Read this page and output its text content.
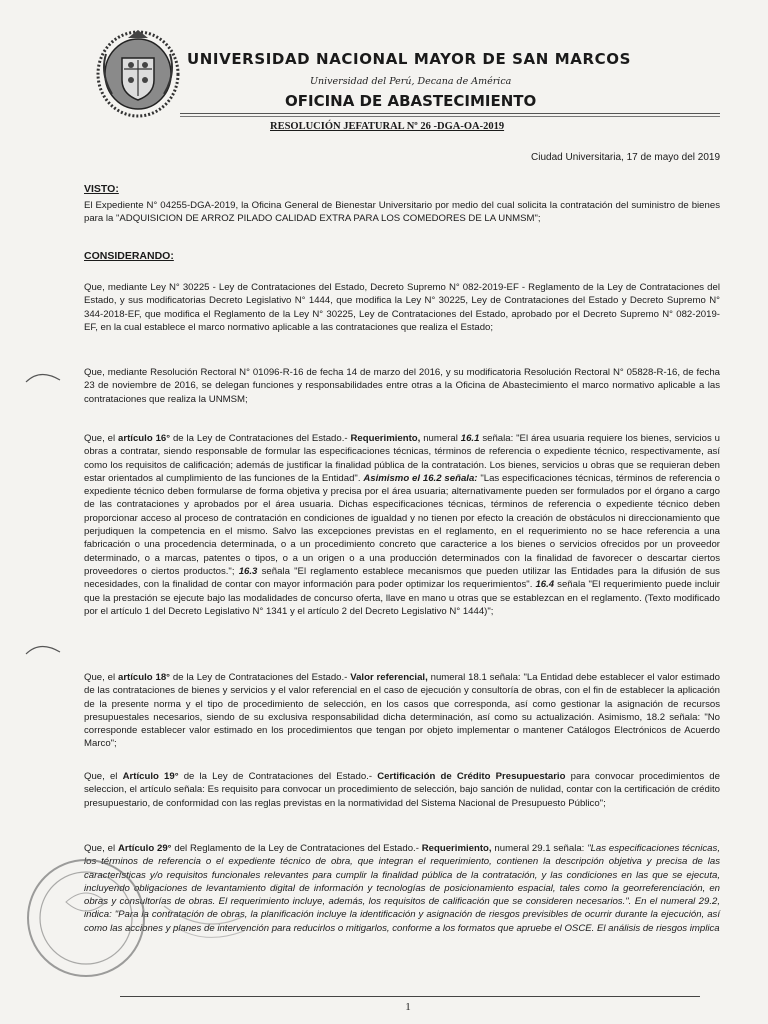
UNIVERSIDAD NACIONAL MAYOR DE SAN MARCOS
Universidad del Perú, Decana de América
OFICINA DE ABASTECIMIENTO
RESOLUCIÓN JEFATURAL Nº 26 -DGA-OA-2019
Ciudad Universitaria, 17 de mayo del 2019
VISTO:
El Expediente N° 04255-DGA-2019, la Oficina General de Bienestar Universitario por medio del cual solicita la contratación del suministro de bienes para la "ADQUISICION DE ARROZ PILADO CALIDAD EXTRA PARA LOS COMEDORES DE LA UNMSM";
CONSIDERANDO:
Que, mediante Ley N° 30225 - Ley de Contrataciones del Estado, Decreto Supremo N° 082-2019-EF - Reglamento de la Ley de Contrataciones del Estado, y sus modificatorias Decreto Legislativo N° 1444, que modifica la Ley N° 30225, Ley de Contrataciones del Estado y Decreto Supremo N° 344-2018-EF, que modifica el Reglamento de la Ley N° 30225, Ley de Contrataciones del Estado, aprobado por el Decreto Supremo N° 082-2019-EF, en la cual establece el marco normativo aplicable a las contrataciones que realiza el Estado;
Que, mediante Resolución Rectoral N° 01096-R-16 de fecha 14 de marzo del 2016, y su modificatoria Resolución Rectoral N° 05828-R-16, de fecha 23 de noviembre de 2016, se delegan funciones y responsabilidades entre otras a la Oficina de Abastecimiento el marco normativo aplicable a las contrataciones que realiza la UNMSM;
Que, el artículo 16° de la Ley de Contrataciones del Estado.- Requerimiento, numeral 16.1 señala: "El área usuaria requiere los bienes, servicios u obras a contratar, siendo responsable de formular las especificaciones técnicas, términos de referencia o expediente técnico, respectivamente, así como los requisitos de calificación; además de justificar la finalidad pública de la contratación. Los bienes, servicios u obras que se requieran deben estar orientados al cumplimiento de las funciones de la Entidad". Asimismo el 16.2 señala: "Las especificaciones técnicas, términos de referencia o expediente técnico deben formularse de forma objetiva y precisa por el área usuaria; alternativamente pueden ser formulados por el órgano a cargo de las contrataciones y aprobados por el área usuaria. Dichas especificaciones técnicas, términos de referencia o expediente técnico deben proporcionar acceso al proceso de contratación en condiciones de igualdad y no tienen por efecto la creación de obstáculos ni direccionamiento que perjudiquen la competencia en el mismo. Salvo las excepciones previstas en el reglamento, en el requerimiento no se hace referencia a una fabricación o una procedencia determinada, o a un procedimiento concreto que caracterice a los bienes o servicios ofrecidos por un proveedor determinado, o a marcas, patentes o tipos, o a un origen o a una producción determinados con la finalidad de favorecer o descartar ciertos proveedores o ciertos productos."; 16.3 señala "El reglamento establece mecanismos que pueden utilizar las Entidades para la difusión de sus necesidades, con la finalidad de contar con mayor información para poder optimizar los requerimientos". 16.4 señala "El requerimiento puede incluir que la prestación se ejecute bajo las modalidades de concurso oferta, llave en mano u otras que se establezcan en el reglamento. (Texto modificado por el artículo 1 del Decreto Legislativo N° 1341 y el artículo 2 del Decreto Legislativo N° 1444)";
Que, el artículo 18° de la Ley de Contrataciones del Estado.- Valor referencial, numeral 18.1 señala: "La Entidad debe establecer el valor estimado de las contrataciones de bienes y servicios y el valor referencial en el caso de ejecución y consultoría de obras, con el fin de establecer la aplicación de la presente norma y el tipo de procedimiento de selección, en los casos que corresponda, así como gestionar la asignación de recursos presupuestales necesarios, siendo de su exclusiva responsabilidad dicha determinación, así como su actualización. Asimismo, 18.2 señala: "No corresponde establecer valor estimado en los procedimientos que tengan por objeto implementar o mantener Catálogos Electrónicos de Acuerdo Marco";
Que, el Artículo 19° de la Ley de Contrataciones del Estado.- Certificación de Crédito Presupuestario para convocar procedimientos de seleccion, el artículo señala: Es requisito para convocar un procedimiento de selección, bajo sanción de nulidad, contar con la certificación de crédito presupuestario, de conformidad con las reglas previstas en la normatividad del Sistema Nacional de Presupuesto Público";
Que, el Artículo 29° del Reglamento de la Ley de Contrataciones del Estado.- Requerimiento, numeral 29.1 señala: "Las especificaciones técnicas, los términos de referencia o el expediente técnico de obra, que integran el requerimiento, contienen la descripción objetiva y precisa de las características y/o requisitos funcionales relevantes para cumplir la finalidad pública de la contratación, y las condiciones en las que se ejecuta, incluyendo obligaciones de levantamiento digital de información y tecnologías de posicionamiento espacial, tales como la georreferenciación, en obras y consultorías de obras. El requerimiento incluye, además, los requisitos de calificación que se consideren necesarios.". En el numeral 29.2, indica: "Para la contratación de obras, la planificación incluye la identificación y asignación de riesgos previsibles de ocurrir durante la ejecución, así como las acciones y planes de intervención para reducirlos o mitigarlos, conforme a los formatos que apruebe el OSCE. El análisis de riesgos implica
1
